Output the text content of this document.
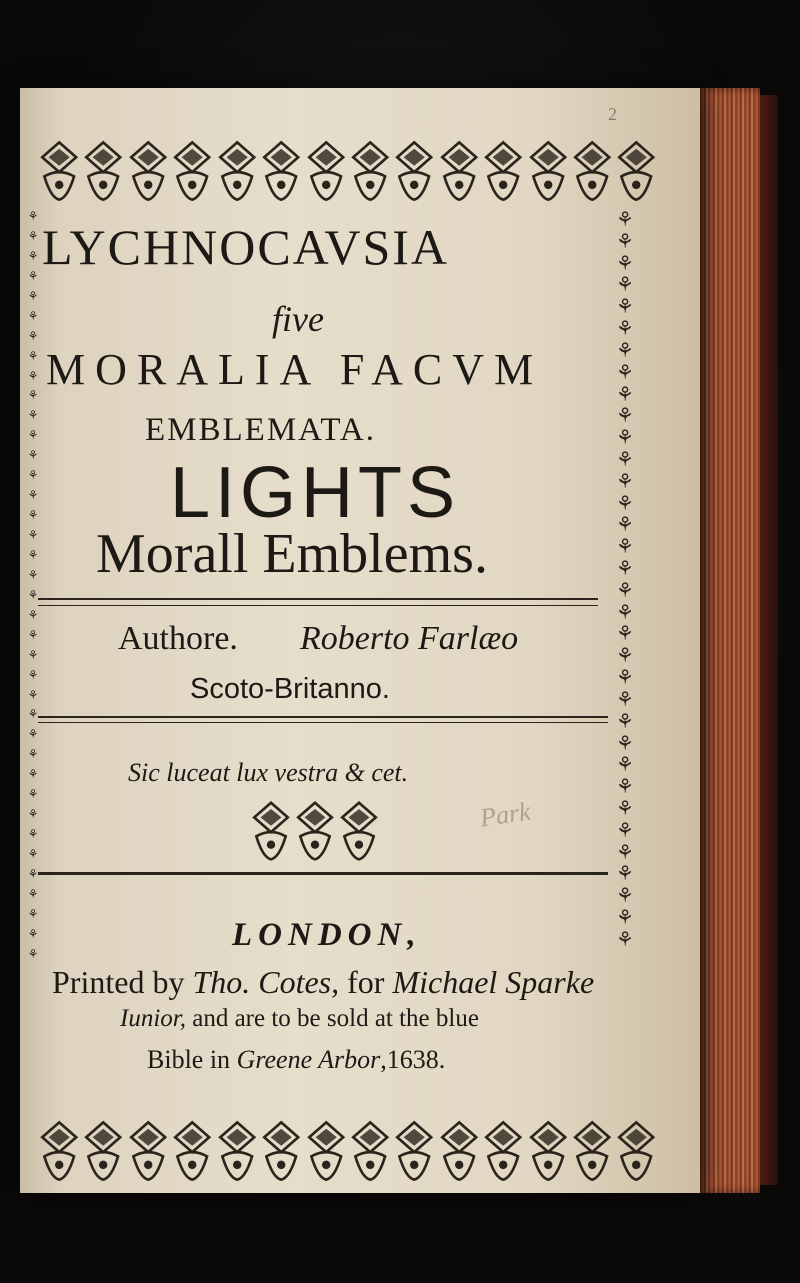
2
⚘
⚘
⚘
⚘
⚘
⚘
⚘
⚘
⚘
⚘
⚘
⚘
⚘
⚘
⚘
⚘
⚘
⚘
⚘
⚘
⚘
⚘
⚘
⚘
⚘
⚘
⚘
⚘
⚘
⚘
⚘
⚘
⚘
⚘
⚘
⚘
⚘
⚘
⚘
⚘
⚘
⚘
⚘
⚘
⚘
⚘
⚘
⚘
⚘
⚘
⚘
⚘
⚘
⚘
⚘
⚘
⚘
⚘
⚘
⚘
⚘
⚘
⚘
⚘
⚘
⚘
⚘
⚘
⚘
⚘
⚘
⚘
LYCHNOCAVSIA
five
MORALIA FACVM
EMBLEMATA.
LIGHTS
Morall Emblems.
Authore. Roberto Farlæo
Scoto-Britanno.
Sic luceat lux vestra & cet.
Park
LONDON,
Printed by Tho. Cotes, for Michael Sparke
Iunior, and are to be sold at the blue
Bible in Greene Arbor,1638.
